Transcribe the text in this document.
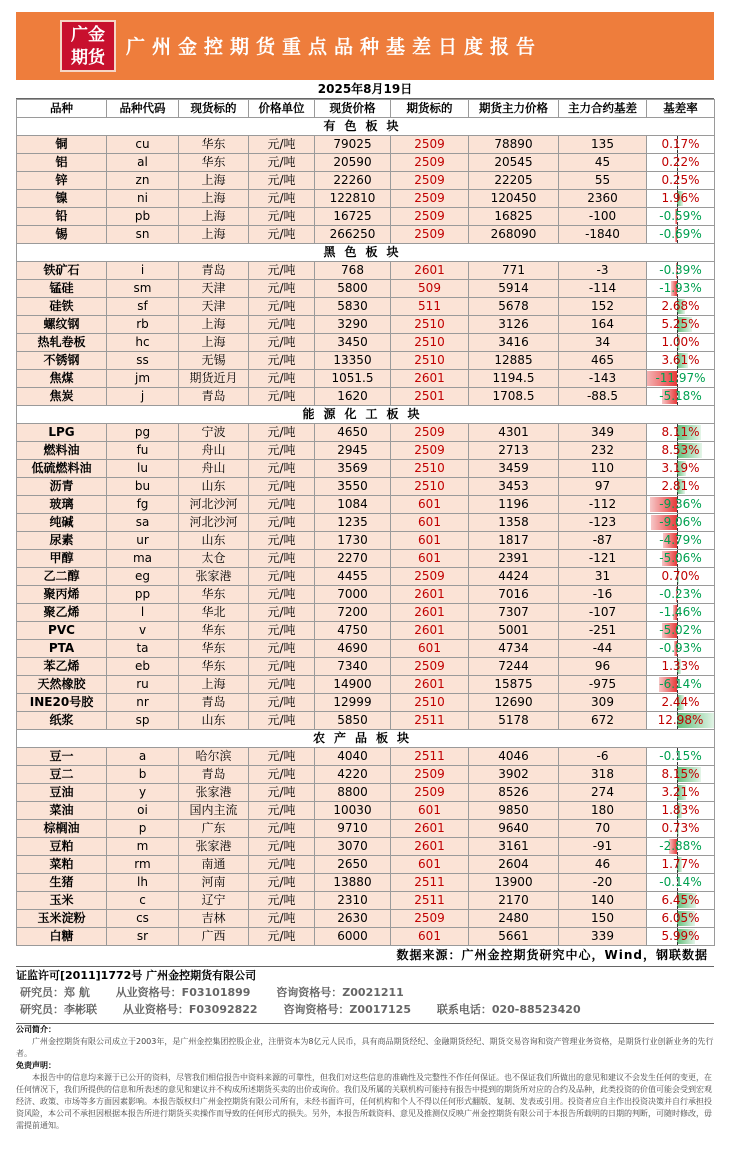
广金
期货	广州金控期货重点品种基差日度报告
2025年8月19日
品种	品种代码	现货标的	价格单位	现货价格	期货标的	期货主力价格	主力合约基差	基差率
有色板块								
铜	cu	华东	元/吨	79025	2509	78890	135	0.17%

铝	al	华东	元/吨	20590	2509	20545	45	0.22%

锌	zn	上海	元/吨	22260	2509	22205	55	0.25%

镍	ni	上海	元/吨	122810	2509	120450	2360	1.96%

铅	pb	上海	元/吨	16725	2509	16825	-100	-0.59%

锡	sn	上海	元/吨	266250	2509	268090	-1840	-0.69%

黑色板块								
铁矿石	i	青岛	元/吨	768	2601	771	-3	-0.39%

锰硅	sm	天津	元/吨	5800	509	5914	-114	-1.93%

硅铁	sf	天津	元/吨	5830	511	5678	152	2.68%

螺纹钢	rb	上海	元/吨	3290	2510	3126	164	5.25%

热轧卷板	hc	上海	元/吨	3450	2510	3416	34	1.00%

不锈钢	ss	无锡	元/吨	13350	2510	12885	465	3.61%

焦煤	jm	期货近月	元/吨	1051.5	2601	1194.5	-143	-11.97%

焦炭	j	青岛	元/吨	1620	2501	1708.5	-88.5	-5.18%

能源化工板块								
LPG	pg	宁波	元/吨	4650	2509	4301	349	8.11%

燃料油	fu	舟山	元/吨	2945	2509	2713	232	8.53%

低硫燃料油	lu	舟山	元/吨	3569	2510	3459	110	3.19%

沥青	bu	山东	元/吨	3550	2510	3453	97	2.81%

玻璃	fg	河北沙河	元/吨	1084	601	1196	-112	-9.36%

纯碱	sa	河北沙河	元/吨	1235	601	1358	-123	-9.06%

尿素	ur	山东	元/吨	1730	601	1817	-87	-4.79%

甲醇	ma	太仓	元/吨	2270	601	2391	-121	-5.06%

乙二醇	eg	张家港	元/吨	4455	2509	4424	31	0.70%

聚丙烯	pp	华东	元/吨	7000	2601	7016	-16	-0.23%

聚乙烯	l	华北	元/吨	7200	2601	7307	-107	-1.46%

PVC	v	华东	元/吨	4750	2601	5001	-251	-5.02%

PTA	ta	华东	元/吨	4690	601	4734	-44	-0.93%

苯乙烯	eb	华东	元/吨	7340	2509	7244	96	1.33%

天然橡胶	ru	上海	元/吨	14900	2601	15875	-975	-6.14%

INE20号胶	nr	青岛	元/吨	12999	2510	12690	309	2.44%

纸浆	sp	山东	元/吨	5850	2511	5178	672	12.98%

农产品板块								
豆一	a	哈尔滨	元/吨	4040	2511	4046	-6	-0.15%

豆二	b	青岛	元/吨	4220	2509	3902	318	8.15%

豆油	y	张家港	元/吨	8800	2509	8526	274	3.21%

菜油	oi	国内主流	元/吨	10030	601	9850	180	1.83%

棕榈油	p	广东	元/吨	9710	2601	9640	70	0.73%

豆粕	m	张家港	元/吨	3070	2601	3161	-91	-2.88%

菜粕	rm	南通	元/吨	2650	601	2604	46	1.77%

生猪	lh	河南	元/吨	13880	2511	13900	-20	-0.14%

玉米	c	辽宁	元/吨	2310	2511	2170	140	6.45%

玉米淀粉	cs	吉林	元/吨	2630	2509	2480	150	6.05%

白糖	sr	广西	元/吨	6000	601	5661	339	5.99%
数据来源：广州金控期货研究中心，Wind，钢联数据
证监许可[2011]1772号 广州金控期货有限公司
研究员：郑 航 从业资格号：F03101899 咨询资格号：Z0021211
研究员：李彬联 从业资格号：F03092822 咨询资格号：Z0017125 联系电话：020-88523420
公司简介：
广州金控期货有限公司成立于2003年，是广州金控集团控股企业，注册资本为8亿元人民币，具有商品期货经纪、金融期货经纪、期货交易咨询和资产管理业务资格，是期货行业创新业务的先行者。
免责声明：
本报告中的信息均来源于已公开的资料，尽管我们相信报告中资料来源的可靠性，但我们对这些信息的准确性及完整性不作任何保证。也不保证我们所做出的意见和建议不会发生任何的变更，在任何情况下，我们所提供的信息和所表述的意见和建议并不构成所述期货买卖的出价或询价。我们及所属的关联机构可能持有报告中提到的期货所对应的合约及品种，此类投资的价值可能会受到宏观经济、政策、市场等多方面因素影响。本报告版权归广州金控期货有限公司所有，未经书面许可，任何机构和个人不得以任何形式翻版、复制、发表或引用。投资者应自主作出投资决策并自行承担投资风险，本公司不承担因根据本报告所进行期货买卖操作而导致的任何形式的损失。另外，本报告所载资料、意见及推测仅反映广州金控期货有限公司于本报告所载明的日期的判断，可随时修改，毋需提前通知。
